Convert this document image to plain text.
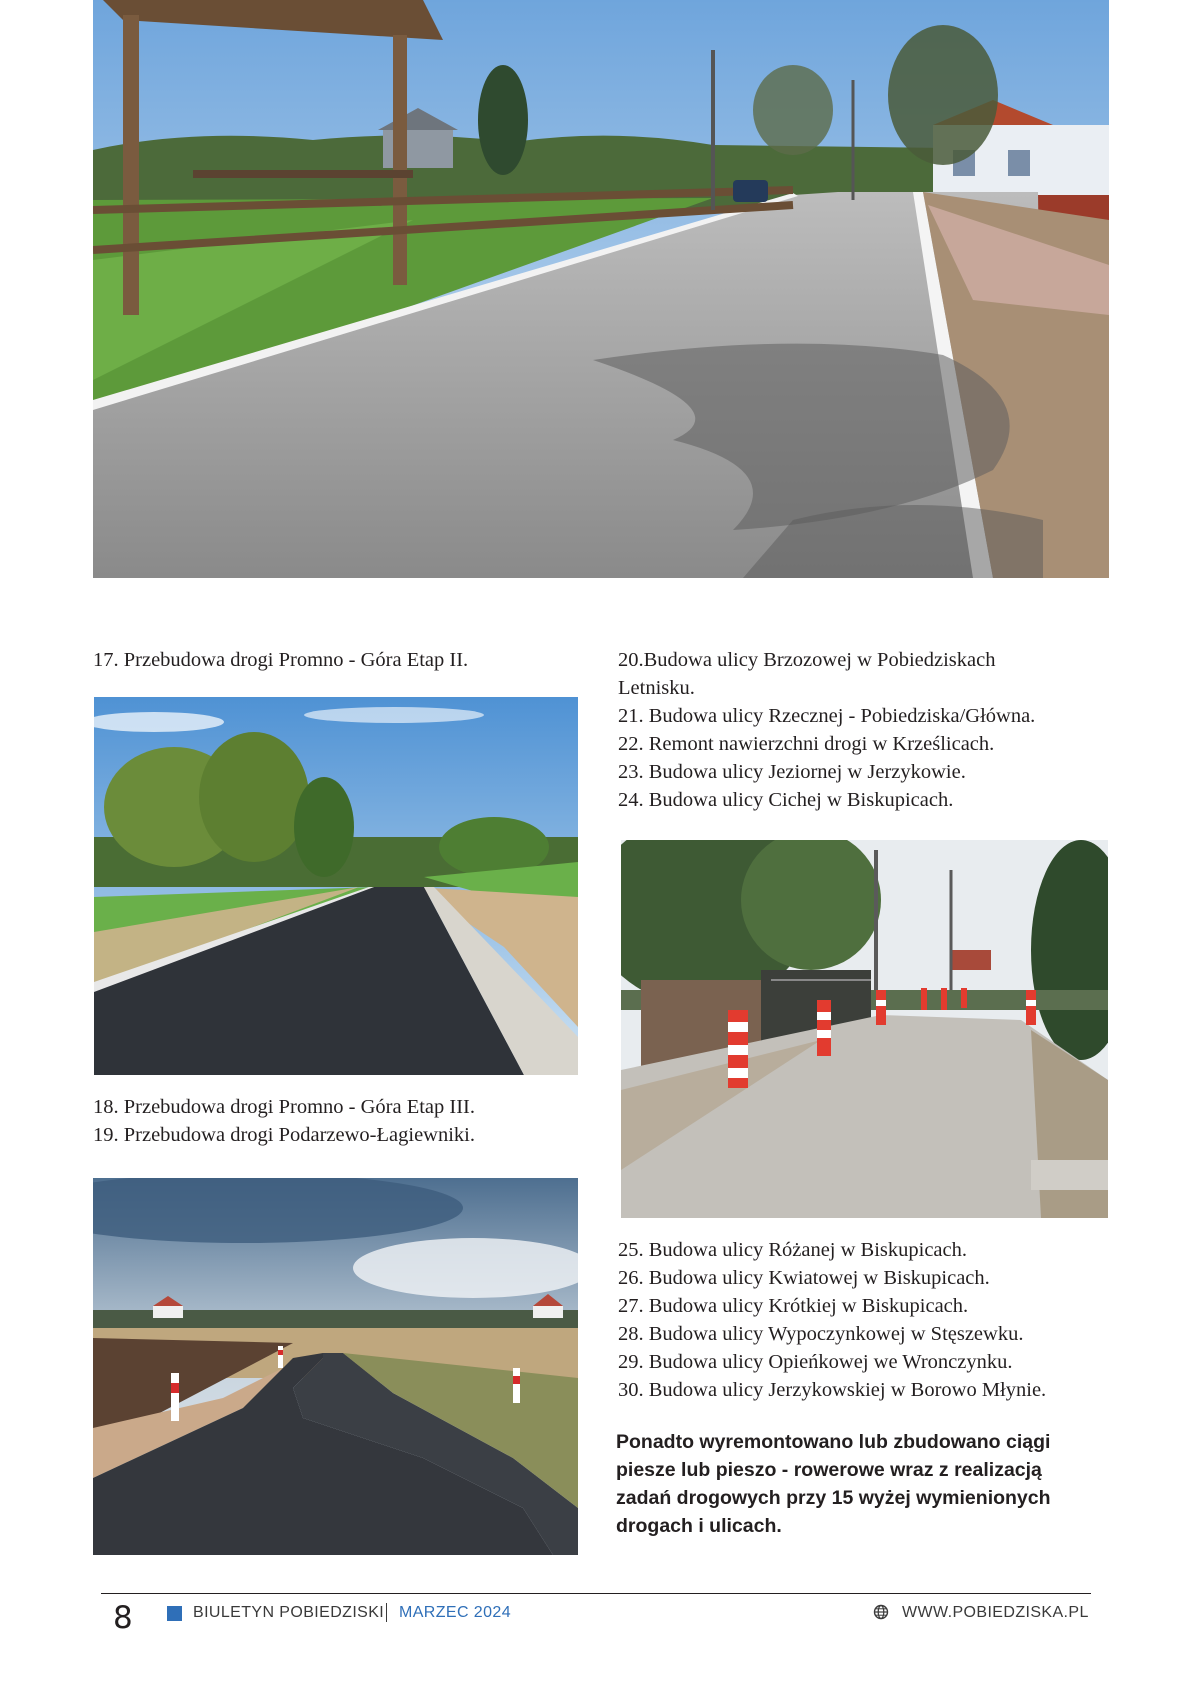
17. Przebudowa drogi Promno - Góra Etap II.
18. Przebudowa drogi Promno - Góra Etap III.
19. Przebudowa drogi Podarzewo-Łagiewniki.
20.Budowa ulicy Brzozowej w Pobiedziskach
Letnisku.
21. Budowa ulicy Rzecznej - Pobiedziska/Główna.
22. Remont nawierzchni drogi w Krześlicach.
23. Budowa ulicy Jeziornej w Jerzykowie.
24. Budowa ulicy Cichej w Biskupicach.
25. Budowa ulicy Różanej w Biskupicach.
26. Budowa ulicy Kwiatowej w Biskupicach.
27. Budowa ulicy Krótkiej w Biskupicach.
28. Budowa ulicy Wypoczynkowej w Stęszewku.
29. Budowa ulicy Opieńkowej we Wronczynku.
30. Budowa ulicy Jerzykowskiej w Borowo Młynie.
Ponadto wyremontowano lub zbudowano ciągi
piesze lub pieszo - rowerowe wraz z realizacją
zadań drogowych przy 15 wyżej wymienionych
drogach i ulicach.
8	BIULETYN POBIEDZISKI MARZEC 2024	WWW.POBIEDZISKA.PL
